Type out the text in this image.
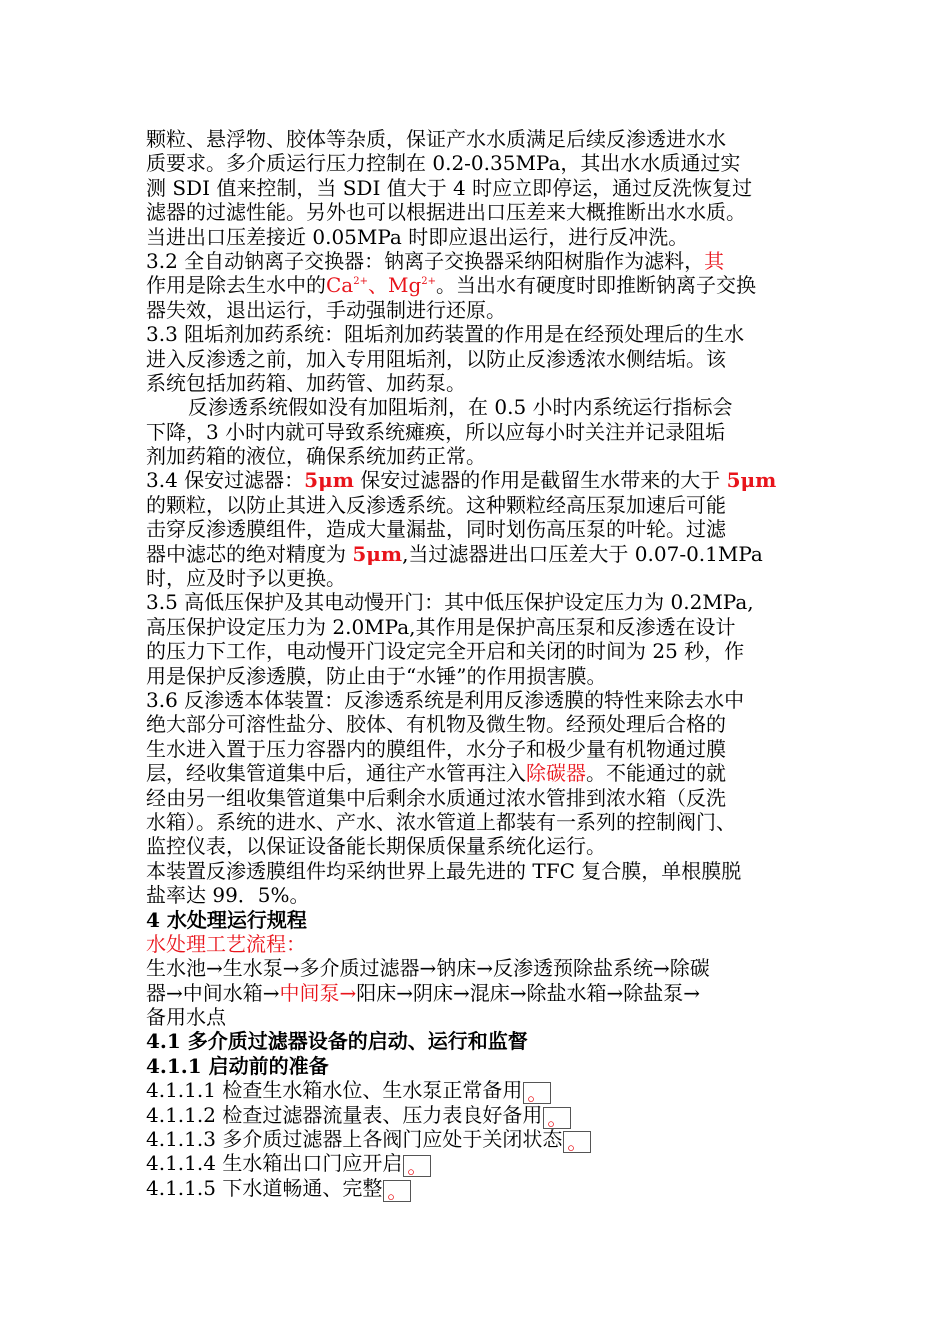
颗粒、悬浮物、胶体等杂质，保证产水水质满足后续反渗透进水水
质要求。多介质运行压力控制在 0.2-0.35MPa，其出水水质通过实
测 SDI 值来控制，当 SDI 值大于 4 时应立即停运，通过反洗恢复过
滤器的过滤性能。另外也可以根据进出口压差来大概推断出水水质。
当进出口压差接近 0.05MPa 时即应退出运行，进行反冲洗。
3.2 全自动钠离子交换器：钠离子交换器采纳阳树脂作为滤料，其
作用是除去生水中的$Ca^{2+}$、$Mg^{2+}$。当出水有硬度时即推断钠离子交换
器失效，退出运行，手动强制进行还原。
3.3 阻垢剂加药系统：阻垢剂加药装置的作用是在经预处理后的生水
进入反渗透之前，加入专用阻垢剂，以防止反渗透浓水侧结垢。该
系统包括加药箱、加药管、加药泵。
反渗透系统假如没有加阻垢剂，在 0.5 小时内系统运行指标会
下降，3 小时内就可导致系统瘫痪，所以应每小时关注并记录阻垢
剂加药箱的液位，确保系统加药正常。
3.4 保安过滤器：5μm 保安过滤器的作用是截留生水带来的大于 5μm
的颗粒，以防止其进入反渗透系统。这种颗粒经高压泵加速后可能
击穿反渗透膜组件，造成大量漏盐，同时划伤高压泵的叶轮。过滤
器中滤芯的绝对精度为 5μm,当过滤器进出口压差大于 0.07-0.1MPa
时，应及时予以更换。
3.5 高低压保护及其电动慢开门：其中低压保护设定压力为 0.2MPa,
高压保护设定压力为 2.0MPa,其作用是保护高压泵和反渗透在设计
的压力下工作，电动慢开门设定完全开启和关闭的时间为 25 秒，作
用是保护反渗透膜，防止由于“水锤”的作用损害膜。
3.6 反渗透本体装置：反渗透系统是利用反渗透膜的特性来除去水中
绝大部分可溶性盐分、胶体、有机物及微生物。经预处理后合格的
生水进入置于压力容器内的膜组件，水分子和极少量有机物通过膜
层，经收集管道集中后，通往产水管再注入除碳器。不能通过的就
经由另一组收集管道集中后剩余水质通过浓水管排到浓水箱（反洗
水箱）。系统的进水、产水、浓水管道上都装有一系列的控制阀门、
监控仪表，以保证设备能长期保质保量系统化运行。
本装置反渗透膜组件均采纳世界上最先进的 TFC 复合膜，单根膜脱
盐率达 99．5%。
4 水处理运行规程
水处理工艺流程：
生水池→生水泵→多介质过滤器→钠床→反渗透预除盐系统→除碳
器→中间水箱→中间泵→阳床→阴床→混床→除盐水箱→除盐泵→
备用水点
4.1 多介质过滤器设备的启动、运行和监督
4.1.1 启动前的准备
4.1.1.1 检查生水箱水位、生水泵正常备用 。
4.1.1.2 检查过滤器流量表、压力表良好备用 。
4.1.1.3 多介质过滤器上各阀门应处于关闭状态 。
4.1.1.4 生水箱出口门应开启 。
4.1.1.5 下水道畅通、完整 。
